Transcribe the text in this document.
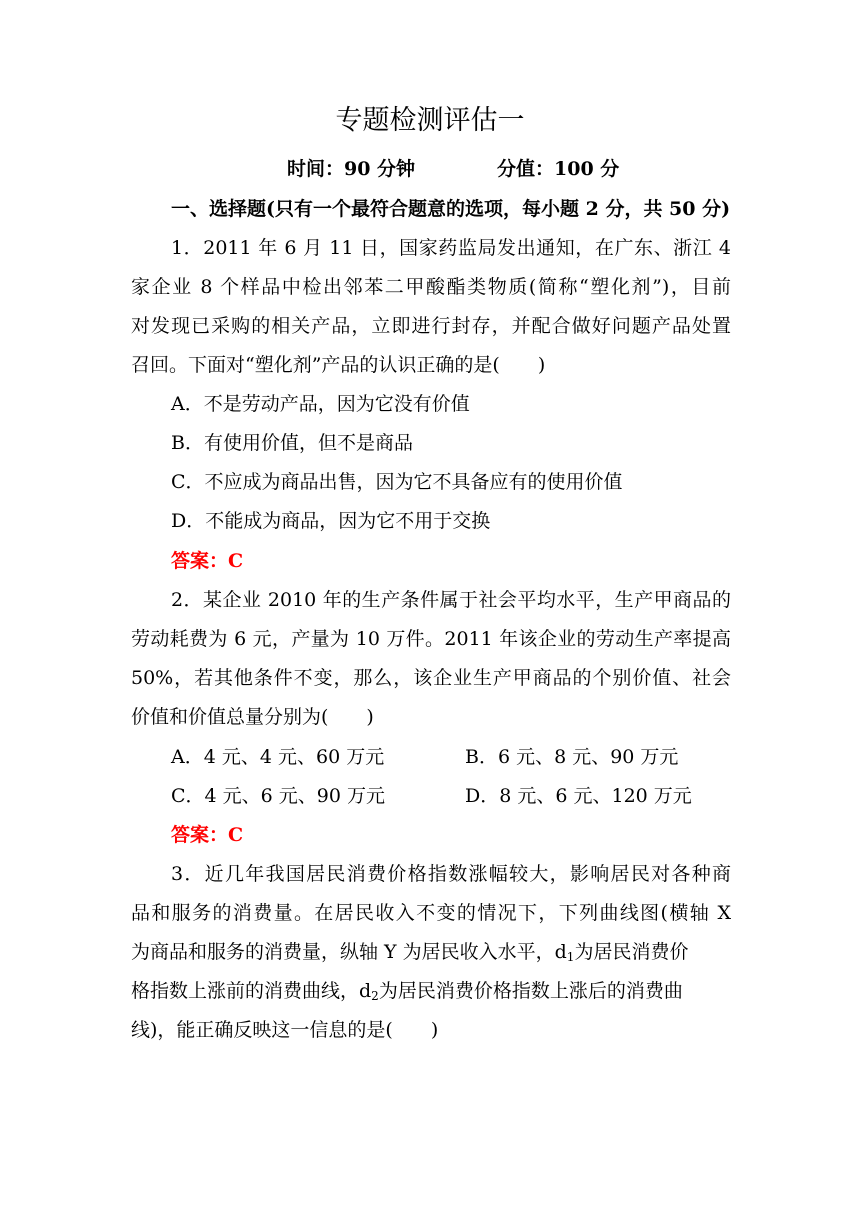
专题检测评估一
时间：90 分钟	分值：100 分
一、选择题(只有一个最符合题意的选项，每小题 2 分，共 50 分)
1．2011 年 6 月 11 日，国家药监局发出通知，在广东、浙江 4
家企业 8 个样品中检出邻苯二甲酸酯类物质(简称“塑化剂”)，目前
对发现已采购的相关产品，立即进行封存，并配合做好问题产品处置
召回。下面对“塑化剂”产品的认识正确的是(　　)
A．不是劳动产品，因为它没有价值
B．有使用价值，但不是商品
C．不应成为商品出售，因为它不具备应有的使用价值
D．不能成为商品，因为它不用于交换
答案：C
2．某企业 2010 年的生产条件属于社会平均水平，生产甲商品的
劳动耗费为 6 元，产量为 10 万件。2011 年该企业的劳动生产率提高
50%，若其他条件不变，那么，该企业生产甲商品的个别价值、社会
价值和价值总量分别为(　　)
A．4 元、4 元、60 万元	B．6 元、8 元、90 万元
C．4 元、6 元、90 万元	D．8 元、6 元、120 万元
答案：C
3．近几年我国居民消费价格指数涨幅较大，影响居民对各种商
品和服务的消费量。在居民收入不变的情况下，下列曲线图(横轴 X
为商品和服务的消费量，纵轴 Y 为居民收入水平，$d_1$为居民消费价
格指数上涨前的消费曲线，$d_2$为居民消费价格指数上涨后的消费曲
线)，能正确反映这一信息的是(　　)
